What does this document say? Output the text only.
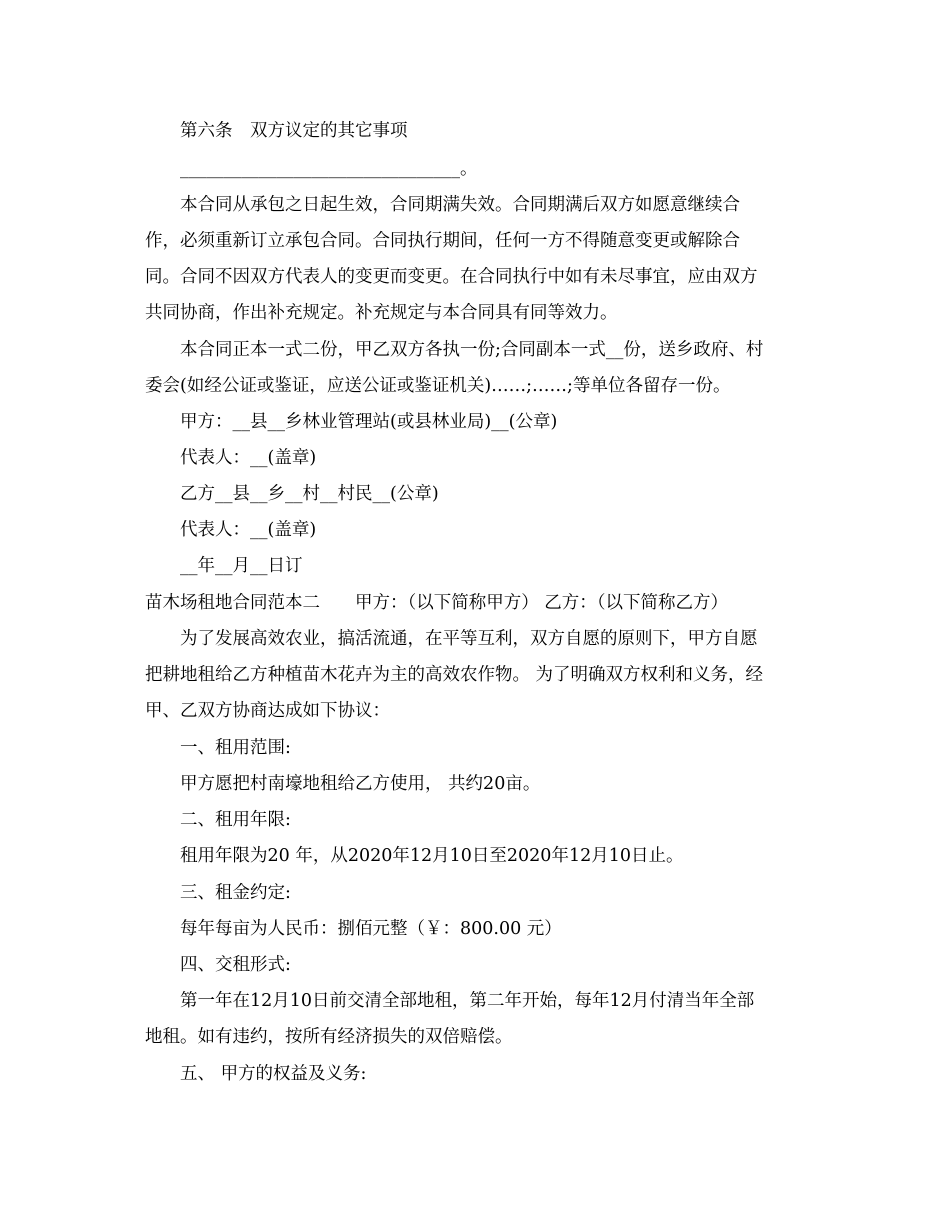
第六条　双方议定的其它事项
________________________________。
本合同从承包之日起生效，合同期满失效。合同期满后双方如愿意继续合
作，必须重新订立承包合同。合同执行期间，任何一方不得随意变更或解除合
同。合同不因双方代表人的变更而变更。在合同执行中如有未尽事宜，应由双方
共同协商，作出补充规定。补充规定与本合同具有同等效力。
本合同正本一式二份，甲乙双方各执一份;合同副本一式__份，送乡政府、村
委会(如经公证或鉴证，应送公证或鉴证机关)……;……;等单位各留存一份。
甲方：__县__乡林业管理站(或县林业局)__(公章)
代表人：__(盖章)
乙方__县__乡__村__村民__(公章)
代表人：__(盖章)
__年__月__日订
苗木场租地合同范本二　　甲方：（以下简称甲方） 乙方：（以下简称乙方）
为了发展高效农业，搞活流通，在平等互利，双方自愿的原则下，甲方自愿
把耕地租给乙方种植苗木花卉为主的高效农作物。 为了明确双方权利和义务，经
甲、乙双方协商达成如下协议：
一、租用范围:
甲方愿把村南壕地租给乙方使用， 共约20亩。
二、租用年限:
租用年限为20 年，从2020年12月10日至2020年12月10日止。
三、租金约定:
每年每亩为人民币：捌佰元整（￥：800.00 元）
四、交租形式:
第一年在12月10日前交清全部地租，第二年开始，每年12月付清当年全部
地租。如有违约，按所有经济损失的双倍赔偿。
五、 甲方的权益及义务:
